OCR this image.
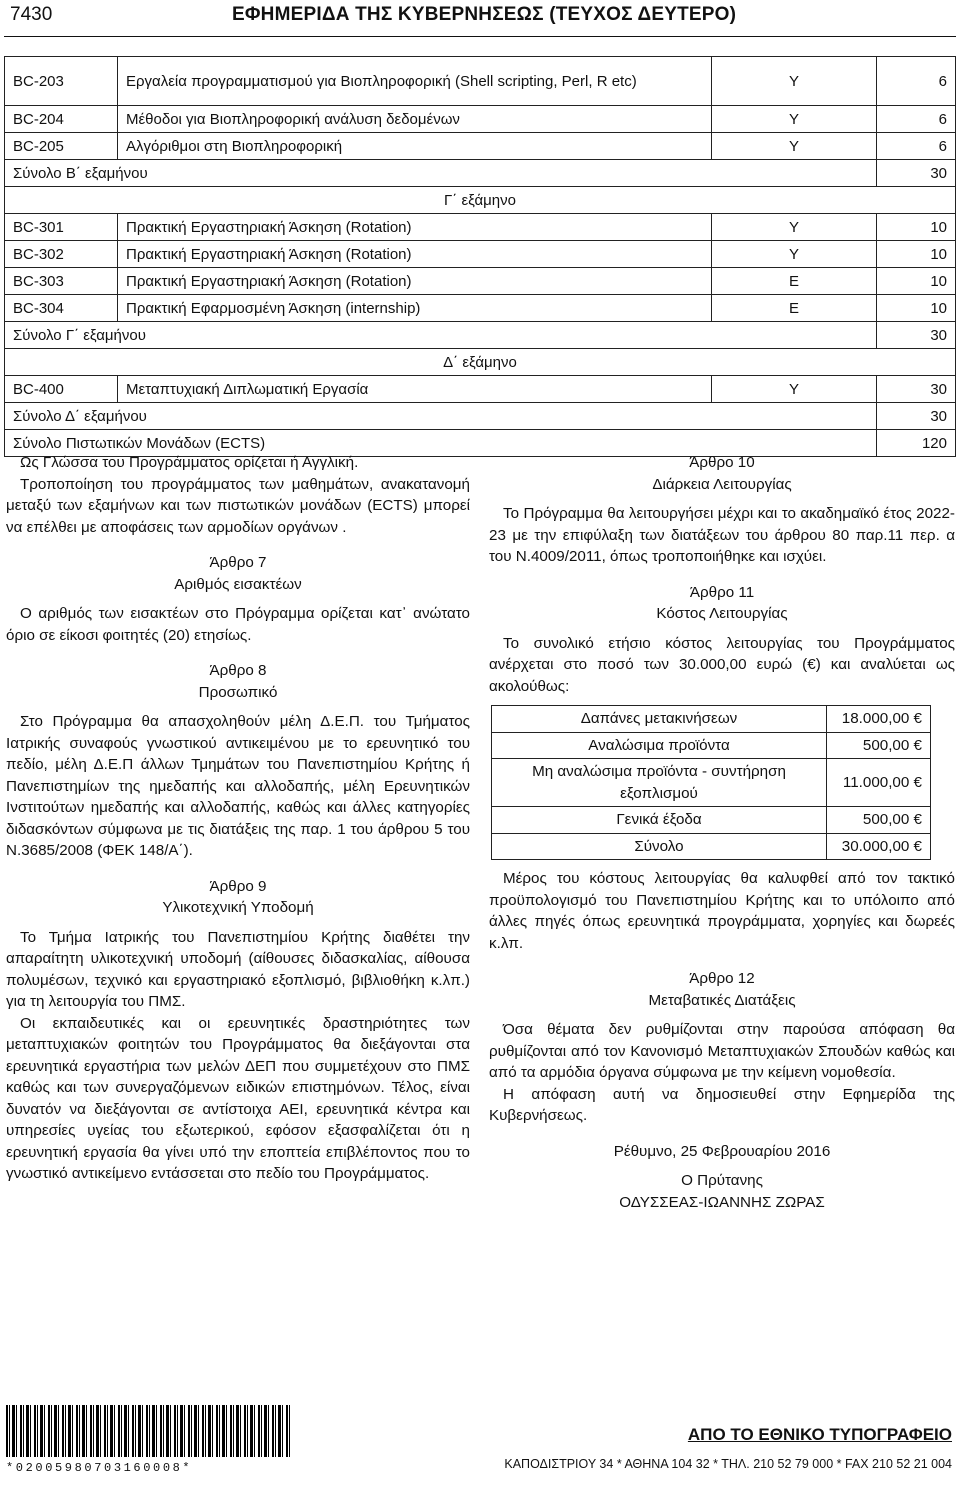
7430	ΕΦΗΜΕΡΙΔΑ ΤΗΣ ΚΥΒΕΡΝΗΣΕΩΣ (ΤΕΥΧΟΣ ΔΕΥΤΕΡΟ)
BC-203	Εργαλεία προγραμματισμού για Βιοπληροφορική (Shell scripting, Perl, R etc)	Υ	6
BC-204	Μέθοδοι για Βιοπληροφορική ανάλυση δεδομένων	Υ	6
BC-205	Αλγόριθμοι στη Βιοπληροφορική	Υ	6
Σύνολο Β΄ εξαμήνου			30
Γ΄ εξάμηνο			
BC-301	Πρακτική Εργαστηριακή Άσκηση (Rotation)	Υ	10
BC-302	Πρακτική Εργαστηριακή Άσκηση (Rotation)	Υ	10
BC-303	Πρακτική Εργαστηριακή Άσκηση (Rotation)	Ε	10
BC-304	Πρακτική Εφαρμοσμένη Άσκηση (internship)	Ε	10
Σύνολο Γ΄ εξαμήνου			30
Δ΄ εξάμηνο			
BC-400	Μεταπτυχιακή Διπλωματική Εργασία	Υ	30
Σύνολο Δ΄ εξαμήνου			30
Σύνολο Πιστωτικών Μονάδων (ECTS)			120

Ως Γλώσσα του Προγράμματος ορίζεται ή Αγγλική.

Τροποποίηση του προγράμματος των μαθημάτων, ανακατανομή μεταξύ των εξαμήνων και των πιστωτικών μονάδων (ECTS) μπορεί να επέλθει με αποφάσεις των αρμοδίων οργάνων .

Άρθρο 7

Αριθμός εισακτέων

Ο αριθμός των εισακτέων στο Πρόγραμμα ορίζεται κατ᾽ ανώτατο όριο σε είκοσι φοιτητές (20) ετησίως.

Άρθρο 8

Προσωπικό

Στο Πρόγραμμα θα απασχοληθούν μέλη Δ.Ε.Π. του Τμήματος Ιατρικής συναφούς γνωστικού αντικειμένου με το ερευνητικό του πεδίο, μέλη Δ.Ε.Π άλλων Τμημάτων του Πανεπιστημίου Κρήτης ή Πανεπιστημίων της ημεδαπής και αλλοδαπής, μέλη Ερευνητικών Ινστιτούτων ημεδαπής και αλλοδαπής, καθώς και άλλες κατηγορίες διδασκόντων σύμφωνα με τις διατάξεις της παρ. 1 του άρθρου 5 του Ν.3685/2008 (ΦΕΚ 148/Α΄).

Άρθρο 9

Υλικοτεχνική Υποδομή

Το Τμήμα Ιατρικής του Πανεπιστημίου Κρήτης διαθέτει την απαραίτητη υλικοτεχνική υποδομή (αίθουσες διδασκαλίας, αίθουσα πολυμέσων, τεχνικό και εργαστηριακό εξοπλισμό, βιβλιοθήκη κ.λπ.) για τη λειτουργία του ΠΜΣ.

Οι εκπαιδευτικές και οι ερευνητικές δραστηριότητες των μεταπτυχιακών φοιτητών του Προγράμματος θα διεξάγονται στα ερευνητικά εργαστήρια των μελών ΔΕΠ που συμμετέχουν στο ΠΜΣ καθώς και των συνεργαζόμενων ειδικών επιστημόνων. Τέλος, είναι δυνατόν να διεξάγονται σε αντίστοιχα ΑΕΙ, ερευνητικά κέντρα και υπηρεσίες υγείας του εξωτερικού, εφόσον εξασφαλίζεται ότι η ερευνητική εργασία θα γίνει υπό την εποπτεία επιβλέποντος που το γνωστικό αντικείμενο εντάσσεται στο πεδίο του Προγράμματος.

Άρθρο 10

Διάρκεια Λειτουργίας

Το Πρόγραμμα θα λειτουργήσει μέχρι και το ακαδημαϊκό έτος 2022-23 με την επιφύλαξη των διατάξεων του άρθρου 80 παρ.11 περ. α του Ν.4009/2011, όπως τροποποιήθηκε και ισχύει.

Άρθρο 11

Κόστος Λειτουργίας

Το συνολικό ετήσιο κόστος λειτουργίας του Προγράμματος ανέρχεται στο ποσό των 30.000,00 ευρώ (€) και αναλύεται ως ακολούθως:

Δαπάνες μετακινήσεων	18.000,00 €
Αναλώσιμα προϊόντα	500,00 €
Μη αναλώσιμα προϊόντα - συντήρηση εξοπλισμού	11.000,00 €
Γενικά έξοδα	500,00 €
Σύνολο	30.000,00 €

Μέρος του κόστους λειτουργίας θα καλυφθεί από τον τακτικό προϋπολογισμό του Πανεπιστημίου Κρήτης και το υπόλοιπο από άλλες πηγές όπως ερευνητικά προγράμματα, χορηγίες και δωρεές κ.λπ.

Άρθρο 12

Μεταβατικές Διατάξεις

Όσα θέματα δεν ρυθμίζονται στην παρούσα απόφαση θα ρυθμίζονται από τον Κανονισμό Μεταπτυχιακών Σπουδών καθώς και από τα αρμόδια όργανα σύμφωνα με την κείμενη νομοθεσία.

Η απόφαση αυτή να δημοσιευθεί στην Εφημερίδα της Κυβερνήσεως.

Ρέθυμνο, 25 Φεβρουαρίου 2016

Ο Πρύτανης

ΟΔΥΣΣΕΑΣ-ΙΩΑΝΝΗΣ ΖΩΡΑΣ

*02005980703160008*
ΑΠΟ ΤΟ ΕΘΝΙΚΟ ΤΥΠΟΓΡΑΦΕΙΟ
ΚΑΠΟΔΙΣΤΡΙΟΥ 34 * ΑΘΗΝΑ 104 32 * ΤΗΛ. 210 52 79 000 * FAX 210 52 21 004
